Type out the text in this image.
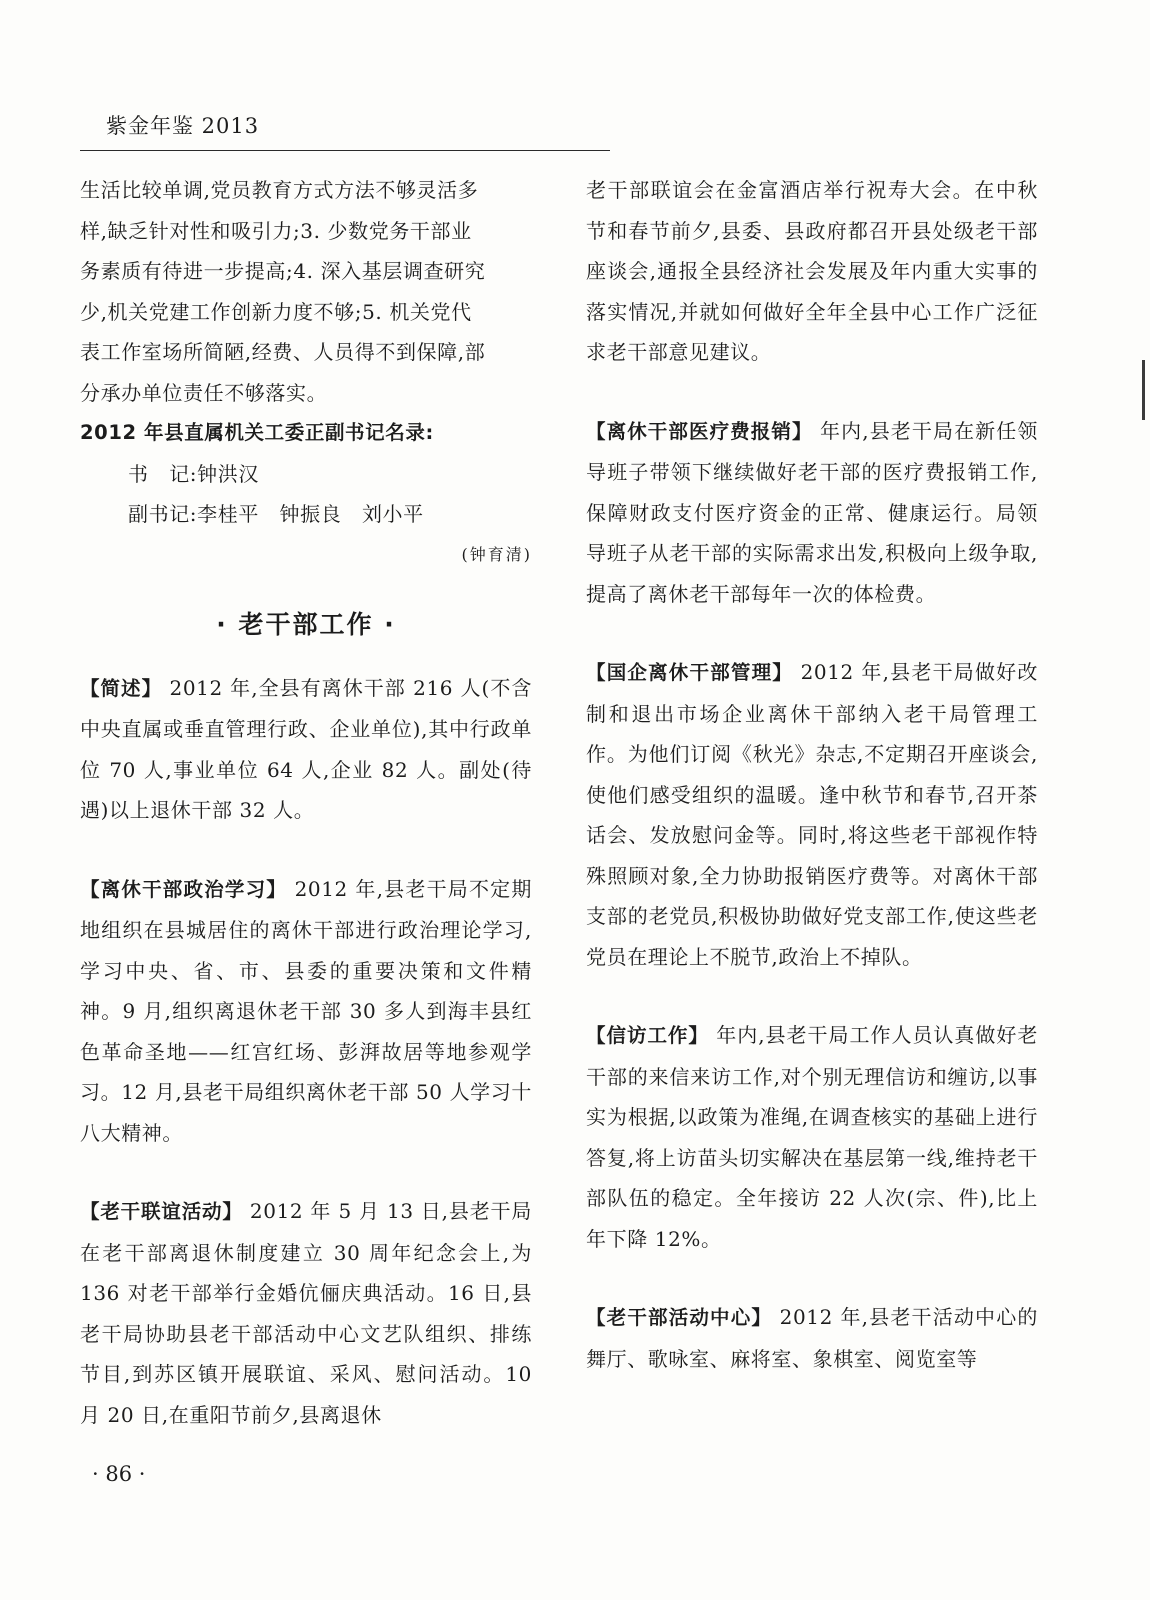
紫金年鉴 2013

生活比较单调,党员教育方式方法不够灵活多

样,缺乏针对性和吸引力;3. 少数党务干部业

务素质有待进一步提高;4. 深入基层调查研究

少,机关党建工作创新力度不够;5. 机关党代

表工作室场所简陋,经费、人员得不到保障,部

分承办单位责任不够落实。

2012 年县直属机关工委正副书记名录:

书　记:钟洪汉

副书记:李桂平　钟振良　刘小平

(钟育清)

· 老干部工作 ·

【简述】 2012 年,全县有离休干部 216 人(不含中央直属或垂直管理行政、企业单位),其中行政单位 70 人,事业单位 64 人,企业 82 人。副处(待遇)以上退休干部 32 人。

【离休干部政治学习】 2012 年,县老干局不定期地组织在县城居住的离休干部进行政治理论学习,学习中央、省、市、县委的重要决策和文件精神。9 月,组织离退休老干部 30 多人到海丰县红色革命圣地——红宫红场、彭湃故居等地参观学习。12 月,县老干局组织离休老干部 50 人学习十八大精神。

【老干联谊活动】 2012 年 5 月 13 日,县老干局在老干部离退休制度建立 30 周年纪念会上,为 136 对老干部举行金婚伉俪庆典活动。16 日,县老干局协助县老干部活动中心文艺队组织、排练节目,到苏区镇开展联谊、采风、慰问活动。10 月 20 日,在重阳节前夕,县离退休

老干部联谊会在金富酒店举行祝寿大会。在中秋节和春节前夕,县委、县政府都召开县处级老干部座谈会,通报全县经济社会发展及年内重大实事的落实情况,并就如何做好全年全县中心工作广泛征求老干部意见建议。

【离休干部医疗费报销】 年内,县老干局在新任领导班子带领下继续做好老干部的医疗费报销工作,保障财政支付医疗资金的正常、健康运行。局领导班子从老干部的实际需求出发,积极向上级争取,提高了离休老干部每年一次的体检费。

【国企离休干部管理】 2012 年,县老干局做好改制和退出市场企业离休干部纳入老干局管理工作。为他们订阅《秋光》杂志,不定期召开座谈会,使他们感受组织的温暖。逢中秋节和春节,召开茶话会、发放慰问金等。同时,将这些老干部视作特殊照顾对象,全力协助报销医疗费等。对离休干部支部的老党员,积极协助做好党支部工作,使这些老党员在理论上不脱节,政治上不掉队。

【信访工作】 年内,县老干局工作人员认真做好老干部的来信来访工作,对个别无理信访和缠访,以事实为根据,以政策为准绳,在调查核实的基础上进行答复,将上访苗头切实解决在基层第一线,维持老干部队伍的稳定。全年接访 22 人次(宗、件),比上年下降 12%。

【老干部活动中心】 2012 年,县老干活动中心的舞厅、歌咏室、麻将室、象棋室、阅览室等

· 86 ·
